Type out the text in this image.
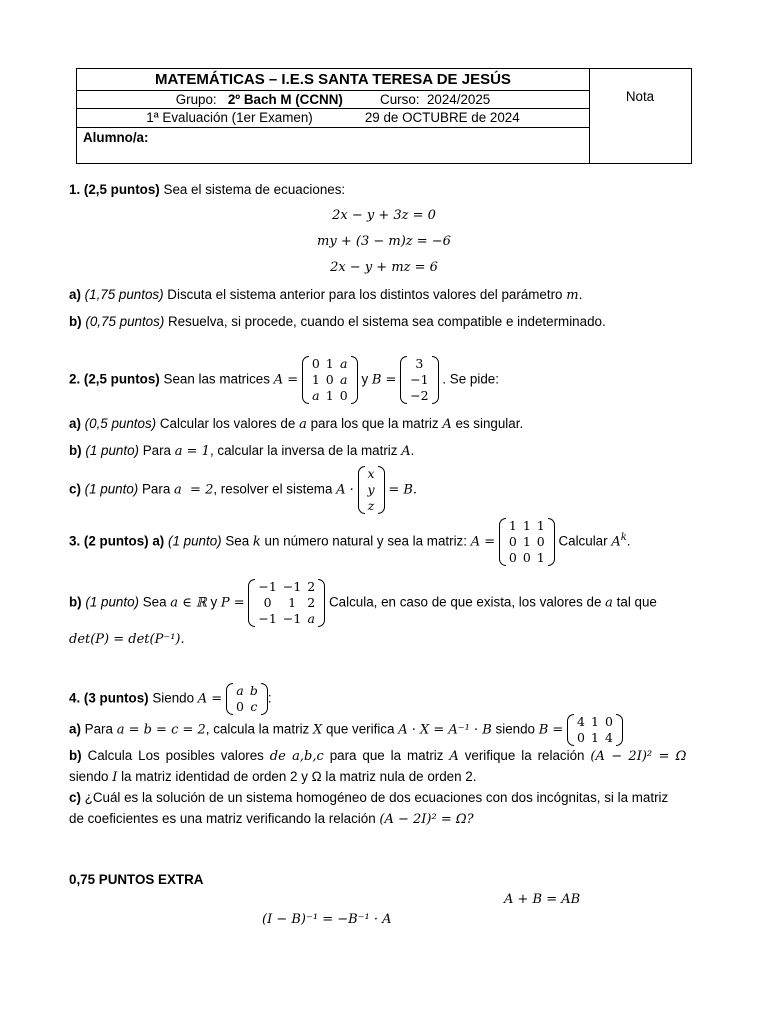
MATEMÁTICAS – I.E.S SANTA TERESA DE JESÚS
Grupo: 2º Bach M (CCNN)	Curso: 2024/2025
1ª Evaluación (1er Examen)	29 de OCTUBRE de 2024
Alumno/a:
Nota
1. (2,5 puntos) Sea el sistema de ecuaciones:
2x − y + 3z = 0
my + (3 − m)z = −6
2x − y + mz = 6
a) (1,75 puntos) Discuta el sistema anterior para los distintos valores del parámetro m.
b) (0,75 puntos) Resuelva, si procede, cuando el sistema sea compatible e indeterminado.
2. (2,5 puntos) Sean las matrices A =
0	1	a
1	0	a
a	1	0
y B =
3
−1
−2
. Se pide:
a) (0,5 puntos) Calcular los valores de a para los que la matriz A es singular.
b) (1 punto) Para a = 1, calcular la inversa de la matriz A.
c) (1 punto) Para a  = 2, resolver el sistema A ·
x
y
z
= B.
3. (2 puntos) a) (1 punto) Sea k un número natural y sea la matriz: A =
1	1	1
0	1	0
0	0	1
Calcular $A^k$.
b) (1 punto) Sea a ∈ ℝ y P =
−1	−1	2
0	1	2
−1	−1	a
Calcula, en caso de que exista, los valores de a tal que
det(P) = det(P⁻¹).
4. (3 puntos) Siendo A =
a	b
0	c
:
a) Para a = b = c = 2, calcula la matriz X que verifica A · X = A⁻¹ · B siendo B =
4	1	0
0	1	4
b) Calcula Los posibles valores de a,b,c para que la matriz A verifique la relación (A − 2I)² = Ω
siendo I la matriz identidad de orden 2 y Ω la matriz nula de orden 2.
c) ¿Cuál es la solución de un sistema homogéneo de dos ecuaciones con dos incógnitas, si la matriz
de coeficientes es una matriz verificando la relación (A − 2I)² = Ω?
0,75 PUNTOS EXTRA
A + B = AB
(I − B)⁻¹ = −B⁻¹ · A
